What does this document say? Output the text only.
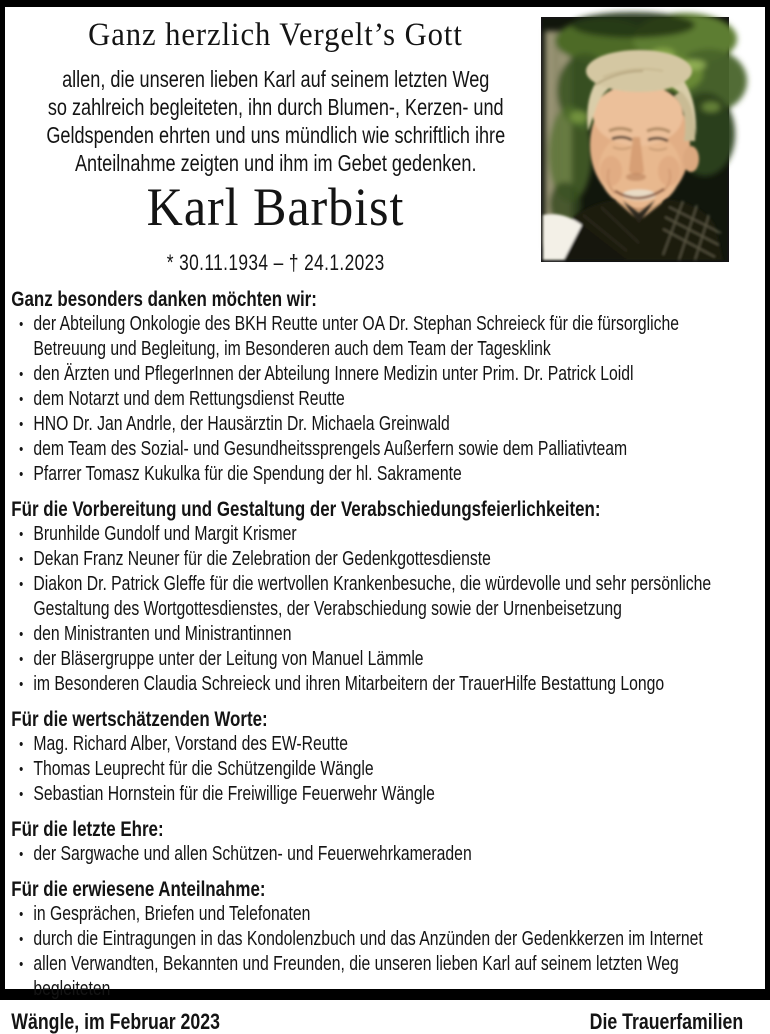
Ganz herzlich Vergelt’s Gott

allen, die unseren lieben Karl auf seinem letzten Weg
so zahlreich begleiteten, ihn durch Blumen-, Kerzen- und
Geldspenden ehrten und uns mündlich wie schriftlich ihre
Anteilnahme zeigten und ihm im Gebet gedenken.

Karl Barbist
* 30.11.1934 – † 24.1.2023
Ganz besonders danken möchten wir:
• der Abteilung Onkologie des BKH Reutte unter OA Dr. Stephan Schreieck für die fürsorgliche Betreuung und Begleitung, im Besonderen auch dem Team der Tagesklink
• den Ärzten und PflegerInnen der Abteilung Innere Medizin unter Prim. Dr. Patrick Loidl
• dem Notarzt und dem Rettungsdienst Reutte
• HNO Dr. Jan Andrle, der Hausärztin Dr. Michaela Greinwald
• dem Team des Sozial- und Gesundheitssprengels Außerfern sowie dem Palliativteam
• Pfarrer Tomasz Kukulka für die Spendung der hl. Sakramente
Für die Vorbereitung und Gestaltung der Verabschiedungsfeierlichkeiten:
• Brunhilde Gundolf und Margit Krismer
• Dekan Franz Neuner für die Zelebration der Gedenkgottesdienste
• Diakon Dr. Patrick Gleffe für die wertvollen Krankenbesuche, die würdevolle und sehr persönliche Gestaltung des Wortgottesdienstes, der Verabschiedung sowie der Urnenbeisetzung
• den Ministranten und Ministrantinnen
• der Bläsergruppe unter der Leitung von Manuel Lämmle
• im Besonderen Claudia Schreieck und ihren Mitarbeitern der TrauerHilfe Bestattung Longo
Für die wertschätzenden Worte:
• Mag. Richard Alber, Vorstand des EW-Reutte
• Thomas Leuprecht für die Schützengilde Wängle
• Sebastian Hornstein für die Freiwillige Feuerwehr Wängle
Für die letzte Ehre:
• der Sargwache und allen Schützen- und Feuerwehrkameraden
Für die erwiesene Anteilnahme:
• in Gesprächen, Briefen und Telefonaten
• durch die Eintragungen in das Kondolenzbuch und das Anzünden der Gedenkkerzen im Internet
• allen Verwandten, Bekannten und Freunden, die unseren lieben Karl auf seinem letzten Weg begleiteten
Wängle, im Februar 2023	Die Trauerfamilien
